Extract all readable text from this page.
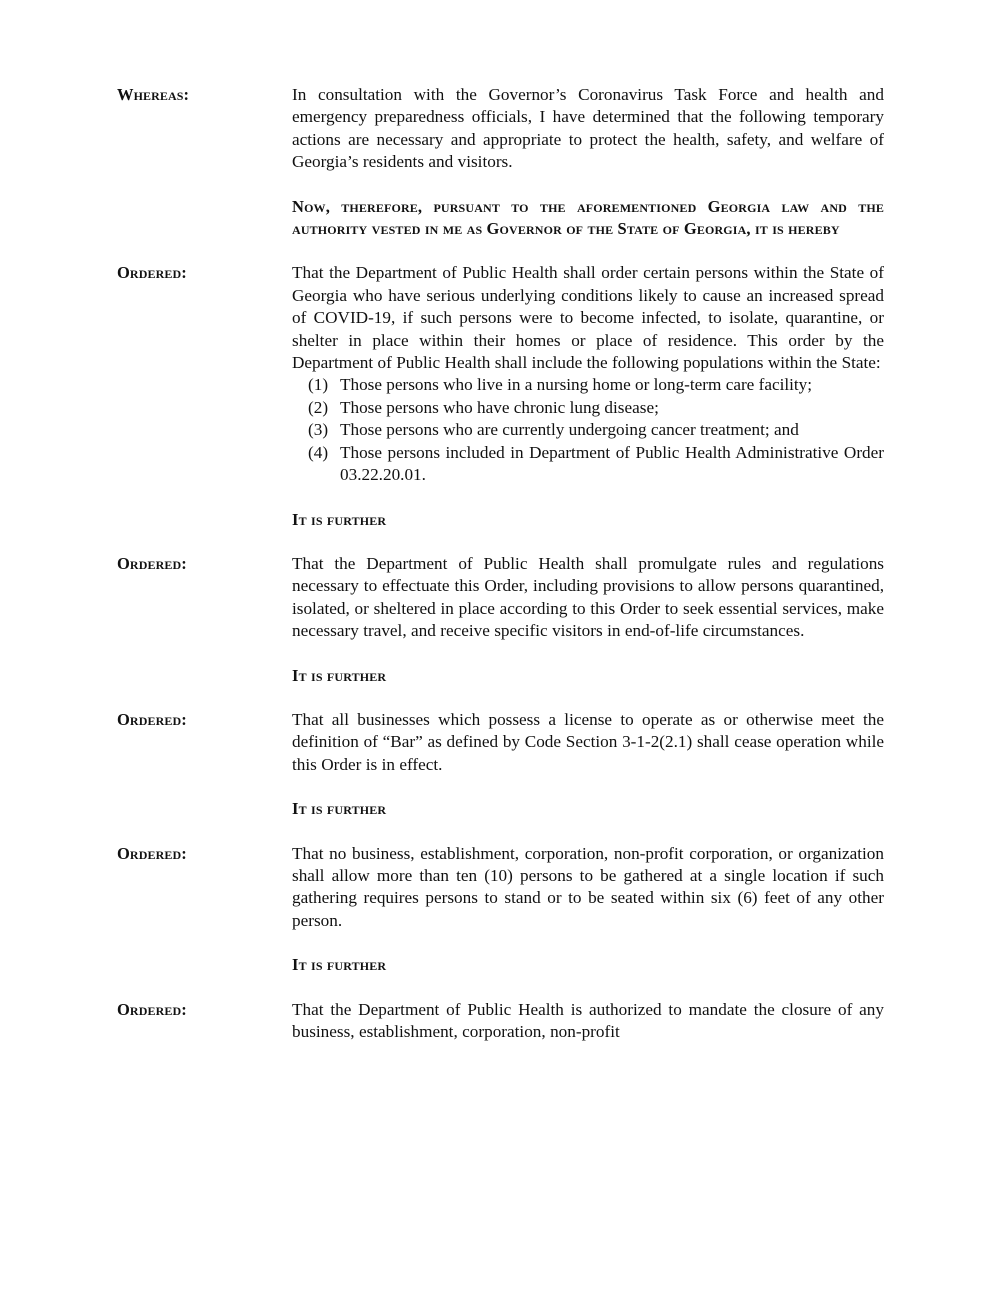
Whereas:	In consultation with the Governor’s Coronavirus Task Force and health and emergency preparedness officials, I have determined that the following temporary actions are necessary and appropriate to protect the health, safety, and welfare of Georgia’s residents and visitors.

Now, therefore, pursuant to the aforementioned Georgia law and the authority vested in me as Governor of the State of Georgia, it is hereby

Ordered:	That the Department of Public Health shall order certain persons within the State of Georgia who have serious underlying conditions likely to cause an increased spread of COVID-19, if such persons were to become infected, to isolate, quarantine, or shelter in place within their homes or place of residence. This order by the Department of Public Health shall include the following populations within the State:

(1) Those persons who live in a nursing home or long-term care facility;
(2) Those persons who have chronic lung disease;
(3) Those persons who are currently undergoing cancer treatment; and
(4) Those persons included in Department of Public Health Administrative Order 03.22.20.01.

It is further

Ordered:	That the Department of Public Health shall promulgate rules and regulations necessary to effectuate this Order, including provisions to allow persons quarantined, isolated, or sheltered in place according to this Order to seek essential services, make necessary travel, and receive specific visitors in end-of-life circumstances.

It is further

Ordered:	That all businesses which possess a license to operate as or otherwise meet the definition of “Bar” as defined by Code Section 3-1-2(2.1) shall cease operation while this Order is in effect.

It is further

Ordered:	That no business, establishment, corporation, non-profit corporation, or organization shall allow more than ten (10) persons to be gathered at a single location if such gathering requires persons to stand or to be seated within six (6) feet of any other person.

It is further

Ordered:	That the Department of Public Health is authorized to mandate the closure of any business, establishment, corporation, non-profit
